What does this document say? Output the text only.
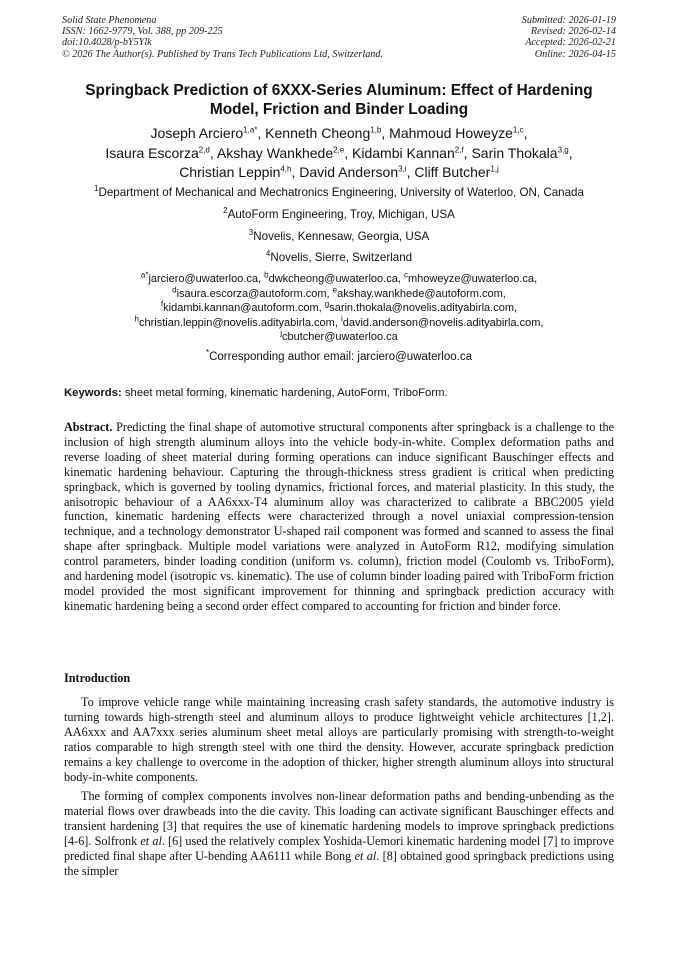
Solid State Phenomena
ISSN: 1662-9779, Vol. 388, pp 209-225
doi:10.4028/p-bY5Ylk
© 2026 The Author(s). Published by Trans Tech Publications Ltd, Switzerland.
Submitted: 2026-01-19
Revised: 2026-02-14
Accepted: 2026-02-21
Online: 2026-04-15
Springback Prediction of 6XXX-Series Aluminum: Effect of Hardening
Model, Friction and Binder Loading
Joseph Arciero$^{1,a*}$, Kenneth Cheong$^{1,b}$, Mahmoud Howeyze$^{1,c}$,
Isaura Escorza$^{2,d}$, Akshay Wankhede$^{2,e}$, Kidambi Kannan$^{2,f}$, Sarin Thokala$^{3,g}$,
Christian Leppin$^{4,h}$, David Anderson$^{3,i}$, Cliff Butcher$^{1,j}$
$^1$Department of Mechanical and Mechatronics Engineering, University of Waterloo, ON, Canada
$^2$AutoForm Engineering, Troy, Michigan, USA
$^3$Novelis, Kennesaw, Georgia, USA
$^4$Novelis, Sierre, Switzerland
$^{a*}$jarciero@uwaterloo.ca, $^b$dwkcheong@uwaterloo.ca, $^c$mhoweyze@uwaterloo.ca,
$^d$isaura.escorza@autoform.com, $^e$akshay.wankhede@autoform.com,
$^f$kidambi.kannan@autoform.com, $^g$sarin.thokala@novelis.adityabirla.com,
$^h$christian.leppin@novelis.adityabirla.com, $^i$david.anderson@novelis.adityabirla.com,
$^j$cbutcher@uwaterloo.ca
*Corresponding author email: jarciero@uwaterloo.ca
Keywords: sheet metal forming, kinematic hardening, AutoForm, TriboForm.

Abstract. Predicting the final shape of automotive structural components after springback is a challenge to the inclusion of high strength aluminum alloys into the vehicle body-in-white. Complex deformation paths and reverse loading of sheet material during forming operations can induce significant Bauschinger effects and kinematic hardening behaviour. Capturing the through-thickness stress gradient is critical when predicting springback, which is governed by tooling dynamics, frictional forces, and material plasticity. In this study, the anisotropic behaviour of a AA6xxx-T4 aluminum alloy was characterized to calibrate a BBC2005 yield function, kinematic hardening effects were characterized through a novel uniaxial compression-tension technique, and a technology demonstrator U-shaped rail component was formed and scanned to assess the final shape after springback. Multiple model variations were analyzed in AutoForm R12, modifying simulation control parameters, binder loading condition (uniform vs. column), friction model (Coulomb vs. TriboForm), and hardening model (isotropic vs. kinematic). The use of column binder loading paired with TriboForm friction model provided the most significant improvement for thinning and springback prediction accuracy with kinematic hardening being a second order effect compared to accounting for friction and binder force.

Introduction

To improve vehicle range while maintaining increasing crash safety standards, the automotive industry is turning towards high-strength steel and aluminum alloys to produce lightweight vehicle architectures [1,2]. AA6xxx and AA7xxx series aluminum sheet metal alloys are particularly promising with strength-to-weight ratios comparable to high strength steel with one third the density. However, accurate springback prediction remains a key challenge to overcome in the adoption of thicker, higher strength aluminum alloys into structural body-in-white components.

The forming of complex components involves non-linear deformation paths and bending-unbending as the material flows over drawbeads into the die cavity. This loading can activate significant Bauschinger effects and transient hardening [3] that requires the use of kinematic hardening models to improve springback predictions [4-6]. Solfronk et al. [6] used the relatively complex Yoshida-Uemori kinematic hardening model [7] to improve predicted final shape after U-bending AA6111 while Bong et al. [8] obtained good springback predictions using the simpler
